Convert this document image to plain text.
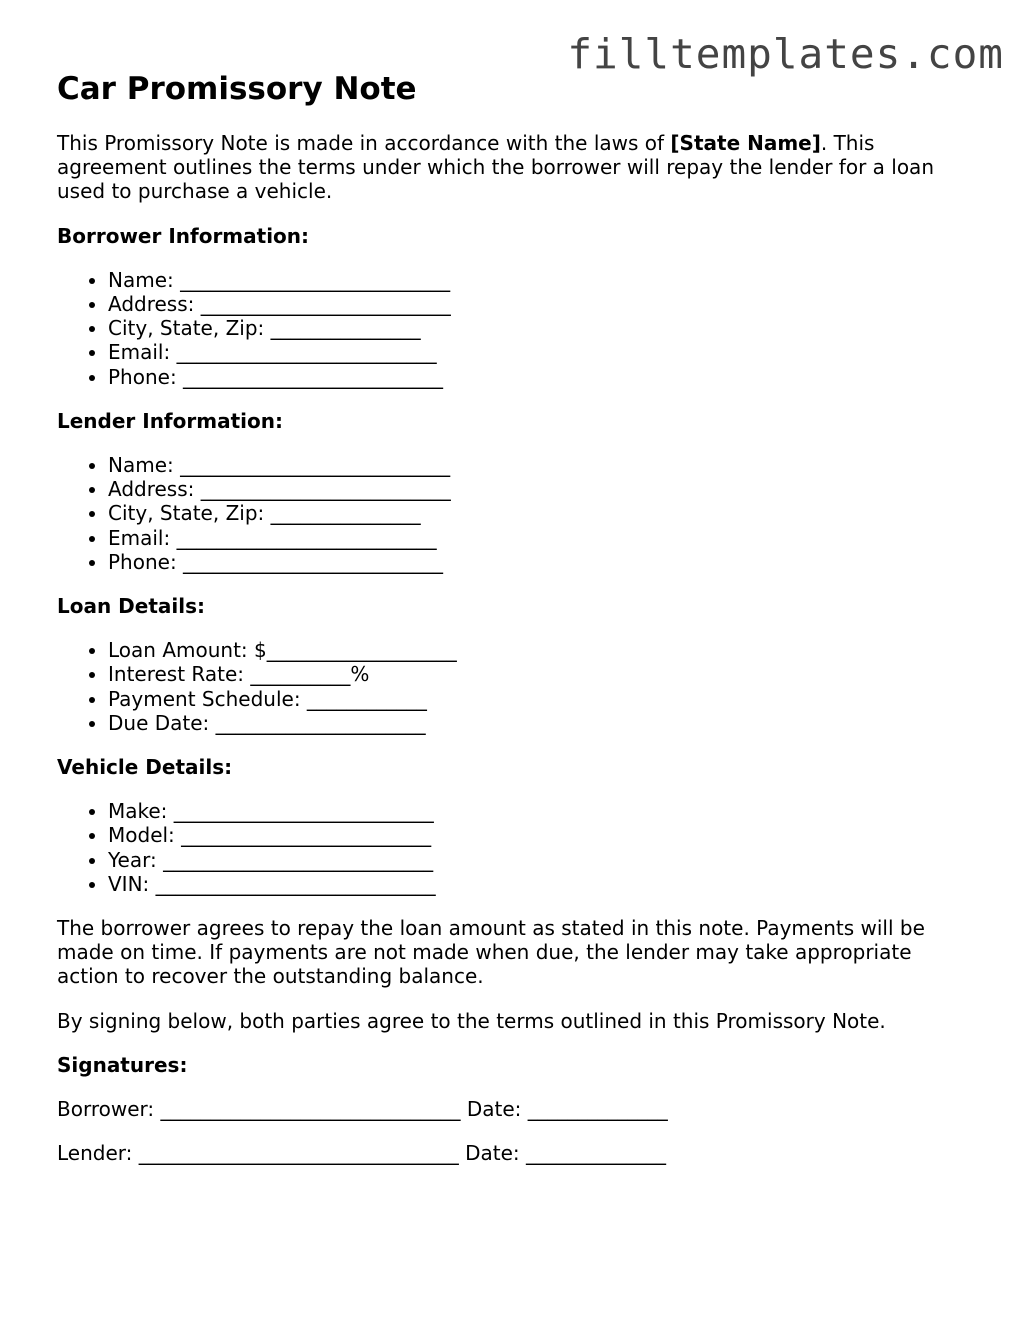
filltemplates.com
Car Promissory Note

This Promissory Note is made in accordance with the laws of [State Name]. This agreement outlines the terms under which the borrower will repay the lender for a loan used to purchase a vehicle.

Borrower Information:
• Name: ___________________________
• Address: _________________________
• City, State, Zip: _______________
• Email: __________________________
• Phone: __________________________
Lender Information:
• Name: ___________________________
• Address: _________________________
• City, State, Zip: _______________
• Email: __________________________
• Phone: __________________________
Loan Details:
• Loan Amount: $___________________
• Interest Rate: __________%
• Payment Schedule: ____________
• Due Date: _____________________
Vehicle Details:
• Make: __________________________
• Model: _________________________
• Year: ___________________________
• VIN: ____________________________

The borrower agrees to repay the loan amount as stated in this note. Payments will be made on time. If payments are not made when due, the lender may take appropriate action to recover the outstanding balance.

By signing below, both parties agree to the terms outlined in this Promissory Note.

Signatures:

Borrower: ______________________________ Date: ______________

Lender: ________________________________ Date: ______________
